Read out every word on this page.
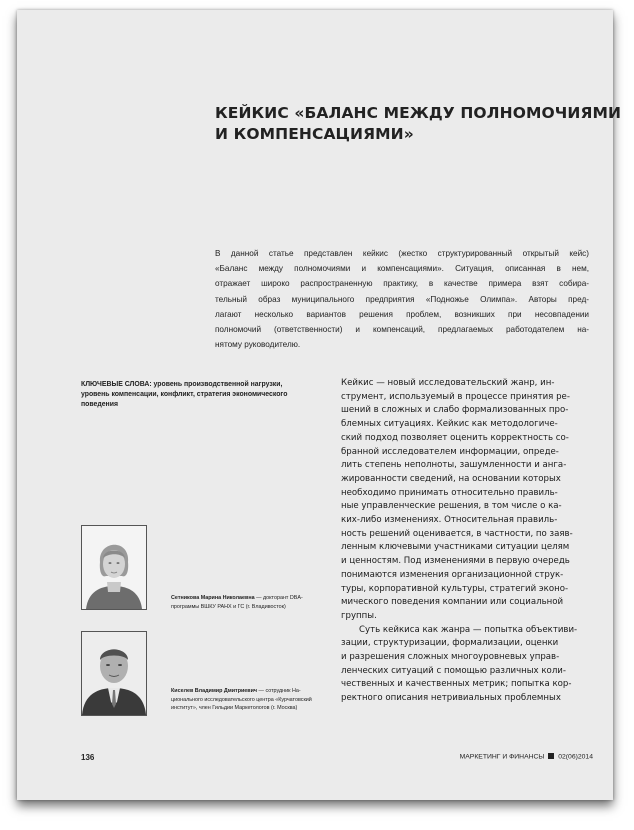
КЕЙКИС «БАЛАНС МЕЖДУ ПОЛНОМОЧИЯМИ
И КОМПЕНСАЦИЯМИ»
В данной статье представлен кейкис (жестко структурированный открытый кейс)
«Баланс между полномочиями и компенсациями». Ситуация, описанная в нем,
отражает широко распространенную практику, в качестве примера взят собира-
тельный образ муниципального предприятия «Подножье Олимпа». Авторы пред-
лагают несколько вариантов решения проблем, возникших при несовпадении
полномочий (ответственности) и компенсаций, предлагаемых работодателем на-
нятому руководителю.
КЛЮЧЕВЫЕ СЛОВА: уровень производственной нагрузки,
уровень компенсации, конфликт, стратегия экономического
поведения
Кейкис — новый исследовательский жанр, ин-
струмент, используемый в процессе принятия ре-
шений в сложных и слабо формализованных про-
блемных ситуациях. Кейкис как методологиче-
ский подход позволяет оценить корректность со-
бранной исследователем информации, опреде-
лить степень неполноты, зашумленности и анга-
жированности сведений, на основании которых
необходимо принимать относительно правиль-
ные управленческие решения, в том числе о ка-
ких-либо изменениях. Относительная правиль-
ность решений оценивается, в частности, по заяв-
ленным ключевыми участниками ситуации целям
и ценностям. Под изменениями в первую очередь
понимаются изменения организационной струк-
туры, корпоративной культуры, стратегий эконо-
мического поведения компании или социальной
группы.
Суть кейкиса как жанра — попытка объективи-
зации, структуризации, формализации, оценки
и разрешения сложных многоуровневых управ-
ленческих ситуаций с помощью различных коли-
чественных и качественных метрик; попытка кор-
ректного описания нетривиальных проблемных
Сетникова Марина Николаевна — докторант DBA-
программы ВШКУ РАНХ и ГС (г. Владивосток)
Киселев Владимир Дмитриевич — сотрудник На-
ционального исследовательского центра «Курчатовский
институт», член Гильдии Маркетологов (г. Москва)
136	МАРКЕТИНГ И ФИНАНСЫ 02(06)2014
